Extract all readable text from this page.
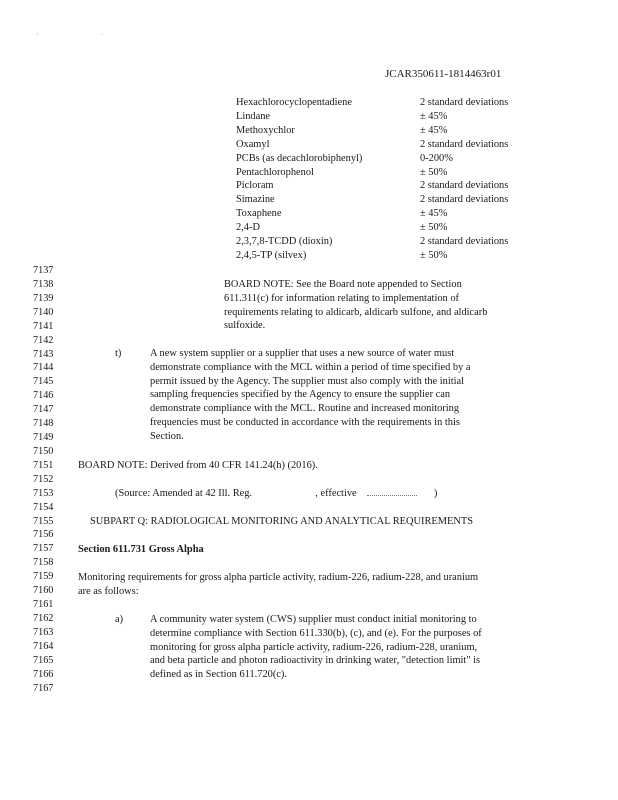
· ·
JCAR350611-1814463r01
Hexachlorocyclopentadiene	2 standard deviations
Lindane	± 45%
Methoxychlor	± 45%
Oxamyl	2 standard deviations
PCBs (as decachlorobiphenyl)	0-200%
Pentachlorophenol	± 50%
Picloram	2 standard deviations
Simazine	2 standard deviations
Toxaphene	± 45%
2,4-D	± 50%
2,3,7,8-TCDD (dioxin)	2 standard deviations
2,4,5-TP (silvex)	± 50%
7137
7138
7139
7140
7141
7142
7143
7144
7145
7146
7147
7148
7149
7150
7151
7152
7153
7154
7155
7156
7157
7158
7159
7160
7161
7162
7163
7164
7165
7166
7167
BOARD NOTE: See the Board note appended to Section
611.311(c) for information relating to implementation of
requirements relating to aldicarb, aldicarb sulfone, and aldicarb
sulfoxide.
t)	A new system supplier or a supplier that uses a new source of water must
demonstrate compliance with the MCL within a period of time specified by a
permit issued by the Agency. The supplier must also comply with the initial
sampling frequencies specified by the Agency to ensure the supplier can
demonstrate compliance with the MCL. Routine and increased monitoring
frequencies must be conducted in accordance with the requirements in this
Section.
BOARD NOTE: Derived from 40 CFR 141.24(h) (2016).
(Source: Amended at 42 Ill. Reg.	, effective	)
SUBPART Q: RADIOLOGICAL MONITORING AND ANALYTICAL REQUIREMENTS
Section 611.731 Gross Alpha
Monitoring requirements for gross alpha particle activity, radium-226, radium-228, and uranium
are as follows:
a)	A community water system (CWS) supplier must conduct initial monitoring to
determine compliance with Section 611.330(b), (c), and (e). For the purposes of
monitoring for gross alpha particle activity, radium-226, radium-228, uranium,
and beta particle and photon radioactivity in drinking water, "detection limit" is
defined as in Section 611.720(c).
